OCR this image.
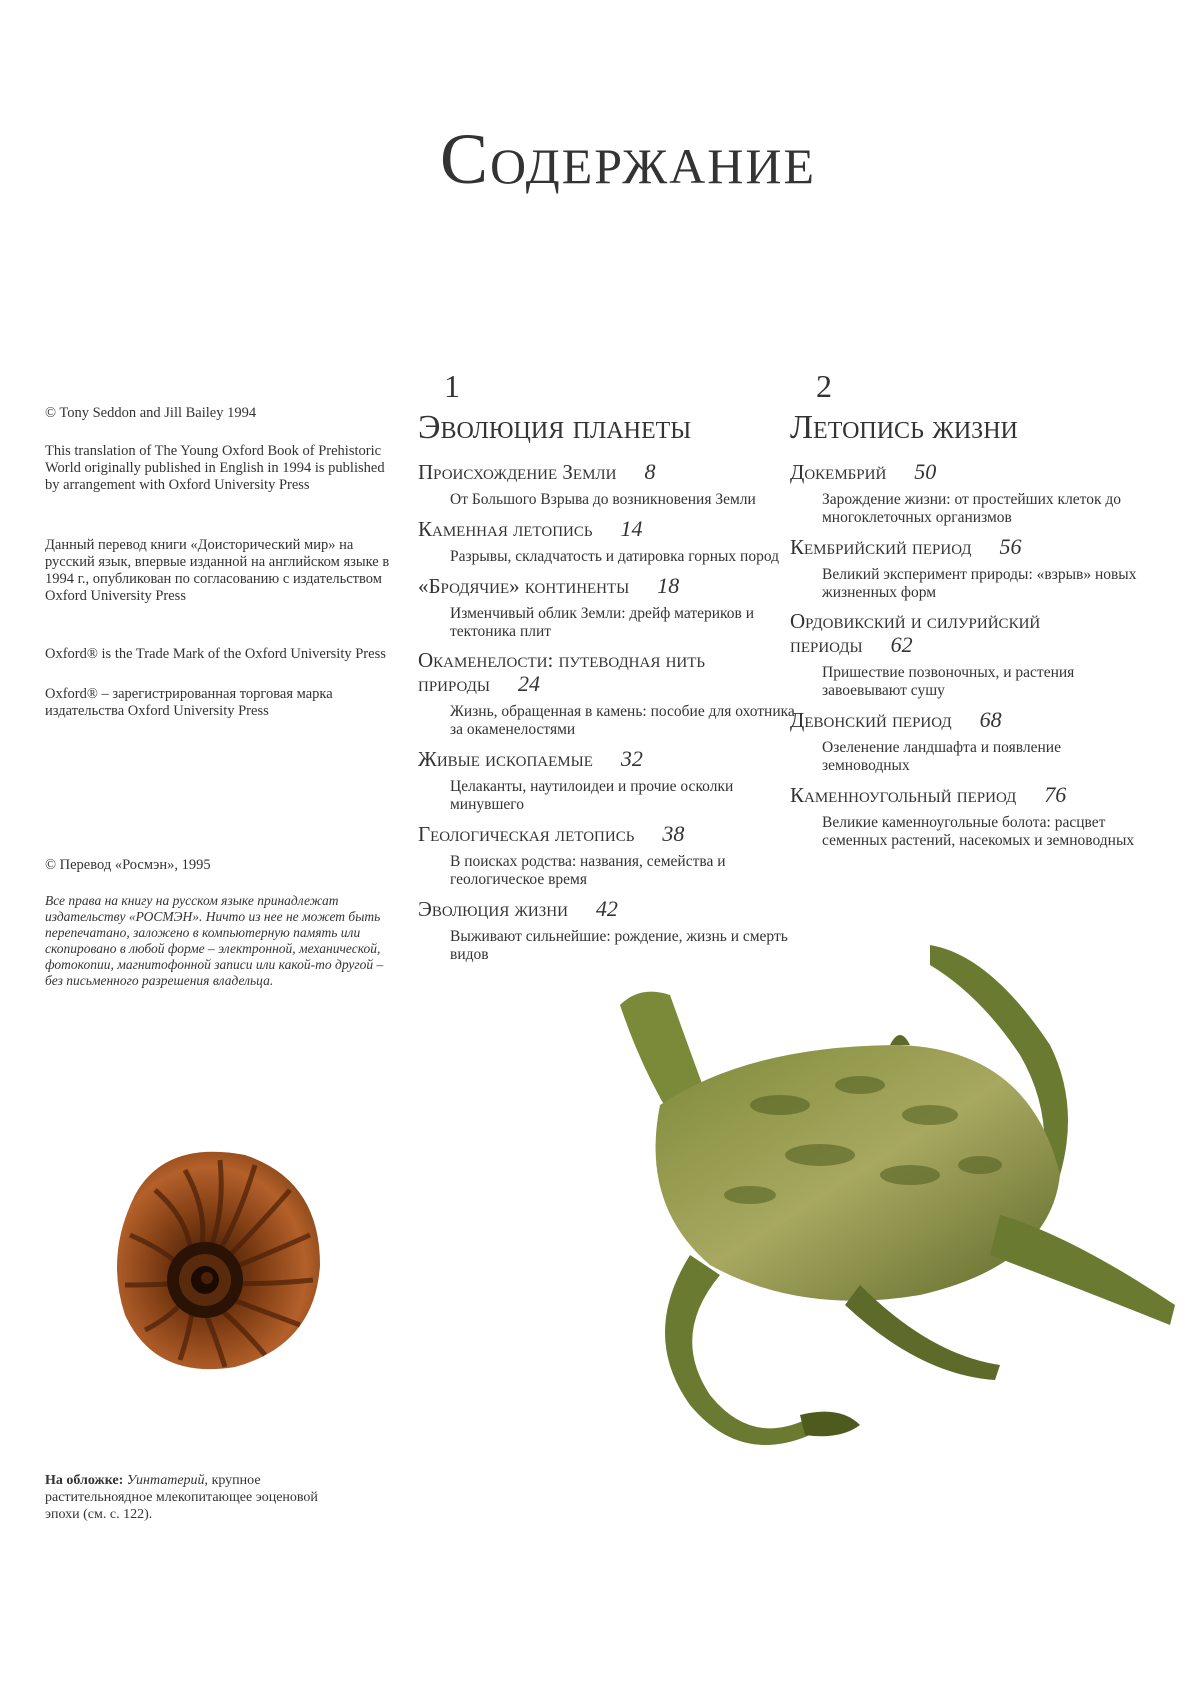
Содержание

© Tony Seddon and Jill Bailey 1994

This translation of The Young Oxford Book of Prehistoric World originally published in English in 1994 is published by arrangement with Oxford University Press

Данный перевод книги «Доисторический мир» на русский язык, впервые изданной на английском языке в 1994 г., опубликован по согласованию с издательством Oxford University Press

Oxford® is the Trade Mark of the Oxford University Press

Oxford® – зарегистрированная торговая марка издательства Oxford University Press

© Перевод «Росмэн», 1995

Все права на книгу на русском языке принадлежат издательству «РОСМЭН». Ничто из нее не может быть перепечатано, заложено в компьютерную память или скопировано в любой форме – электронной, механической, фотокопии, магнитофонной записи или какой-то другой – без письменного разрешения владельца.

1
Эволюция планеты
Происхождение Земли 8
От Большого Взрыва до возникновения Земли
Каменная летопись 14
Разрывы, складчатость и датировка горных пород
«Бродячие» континенты 18
Изменчивый облик Земли: дрейф материков и тектоника плит
Окаменелости: путеводная нить природы 24
Жизнь, обращенная в камень: пособие для охотника за окаменелостями
Живые ископаемые 32
Целаканты, наутилоидеи и прочие осколки минувшего
Геологическая летопись 38
В поисках родства: названия, семейства и геологическое время
Эволюция жизни 42
Выживают сильнейшие: рождение, жизнь и смерть видов
2
Летопись жизни
Докембрий 50
Зарождение жизни: от простейших клеток до многоклеточных организмов
Кембрийский период 56
Великий эксперимент природы: «взрыв» новых жизненных форм
Ордовикский и силурийский периоды 62
Пришествие позвоночных, и растения завоевывают сушу
Девонский период 68
Озеленение ландшафта и появление земноводных
Каменноугольный период 76
Великие каменноугольные болота: расцвет семенных растений, насекомых и земноводных
На обложке: Уинтатерий, крупное растительноядное млекопитающее эоценовой эпохи (см. с. 122).
